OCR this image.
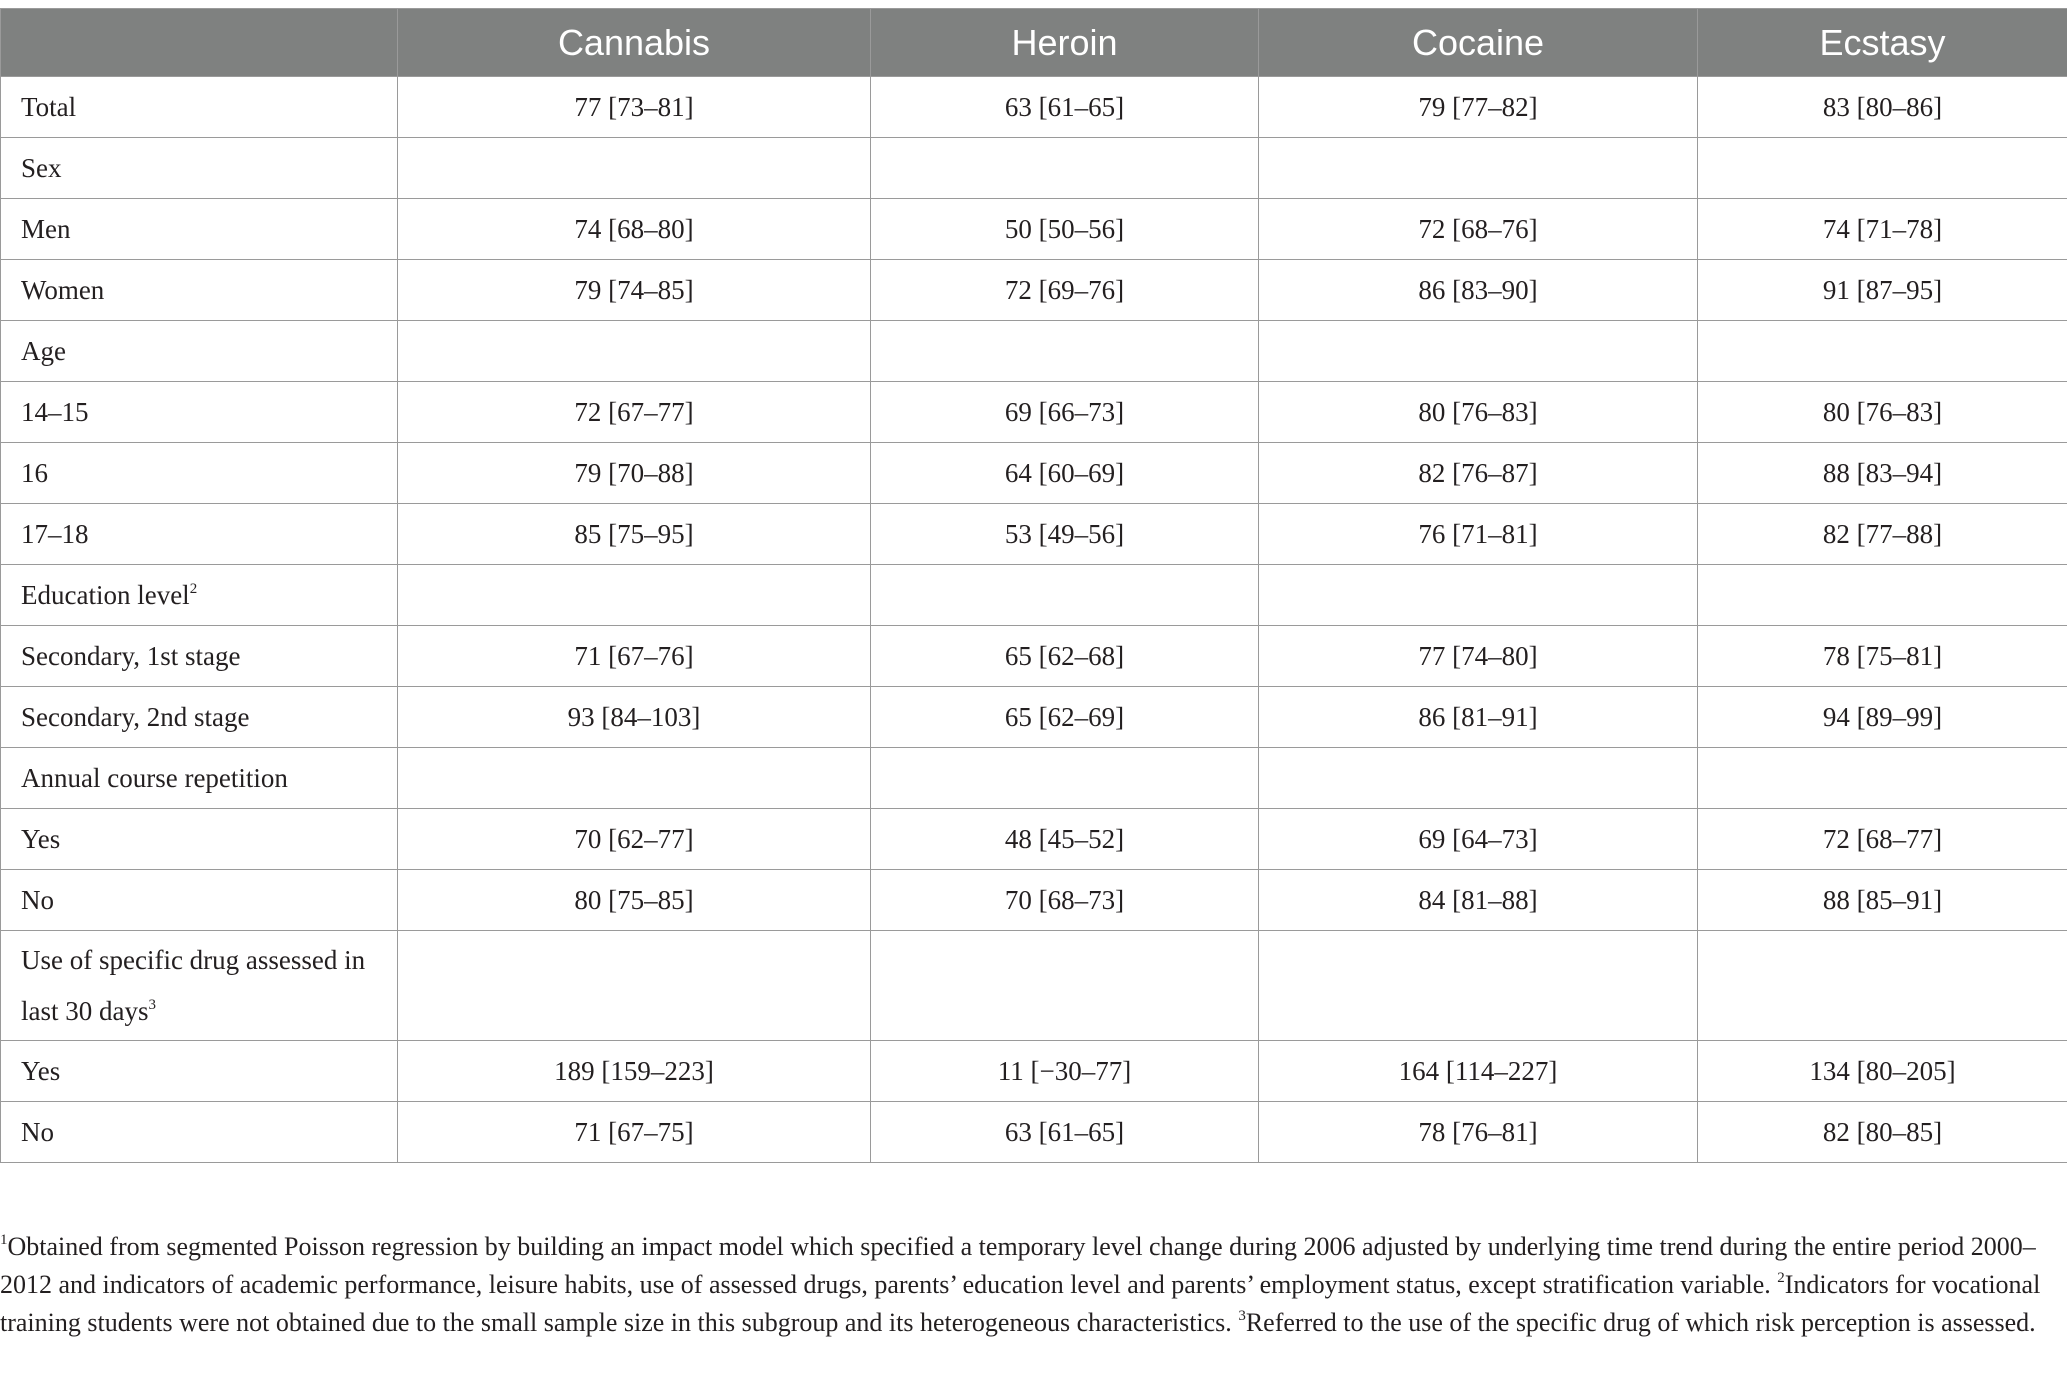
	Cannabis	Heroin	Cocaine	Ecstasy
Total	77 [73–81]	63 [61–65]	79 [77–82]	83 [80–86]
Sex				
Men	74 [68–80]	50 [50–56]	72 [68–76]	74 [71–78]
Women	79 [74–85]	72 [69–76]	86 [83–90]	91 [87–95]
Age				
14–15	72 [67–77]	69 [66–73]	80 [76–83]	80 [76–83]
16	79 [70–88]	64 [60–69]	82 [76–87]	88 [83–94]
17–18	85 [75–95]	53 [49–56]	76 [71–81]	82 [77–88]
Education level$^2$				
Secondary, 1st stage	71 [67–76]	65 [62–68]	77 [74–80]	78 [75–81]
Secondary, 2nd stage	93 [84–103]	65 [62–69]	86 [81–91]	94 [89–99]
Annual course repetition				
Yes	70 [62–77]	48 [45–52]	69 [64–73]	72 [68–77]
No	80 [75–85]	70 [68–73]	84 [81–88]	88 [85–91]
Use of specific drug assessed in last 30 days$^3$				
Yes	189 [159–223]	11 [−30–77]	164 [114–227]	134 [80–205]
No	71 [67–75]	63 [61–65]	78 [76–81]	82 [80–85]

$^1$Obtained from segmented Poisson regression by building an impact model which specified a temporary level change during 2006 adjusted by underlying time trend during the entire period 2000–2012 and indicators of academic performance, leisure habits, use of assessed drugs, parents’ education level and parents’ employment status, except stratification variable. $^2$Indicators for vocational training students were not obtained due to the small sample size in this subgroup and its heterogeneous characteristics. $^3$Referred to the use of the specific drug of which risk perception is assessed.
